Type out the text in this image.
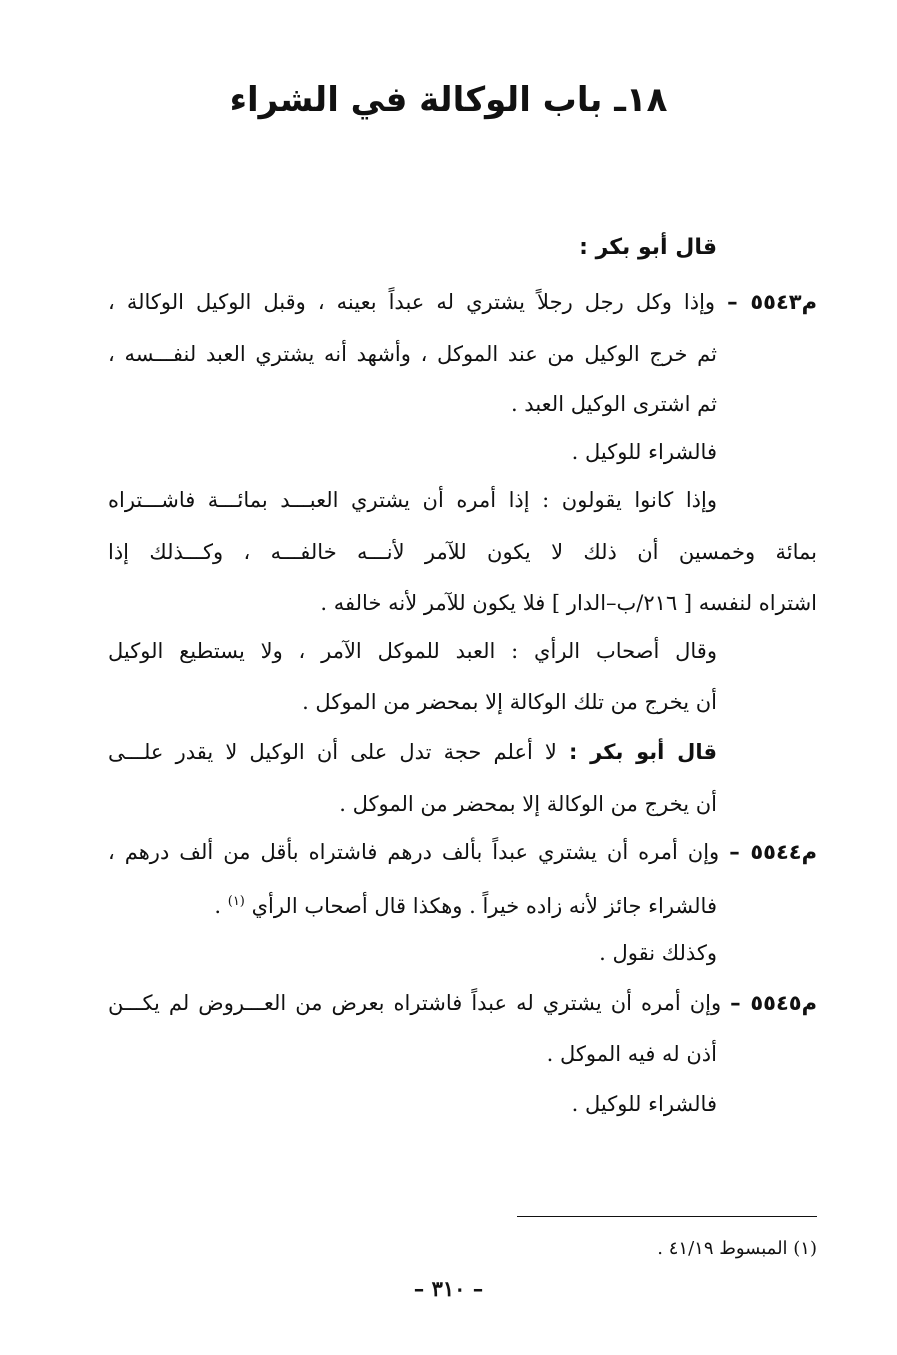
١٨ـ باب الوكالة في الشراء
قال أبو بكر :
م٥٥٤٣ – وإذا وكل رجل رجلاً يشتري له عبداً بعينه ، وقبل الوكيل الوكالة ،
ثم خرج الوكيل من عند الموكل ، وأشهد أنه يشتري العبد لنفـــسه ،
ثم اشترى الوكيل العبد .
فالشراء للوكيل .
وإذا كانوا يقولون : إذا أمره أن يشتري العبـــد بمائـــة فاشـــتراه
بمائة وخمسين أن ذلك لا يكون للآمر لأنـــه خالفـــه ، وكـــذلك إذا
اشتراه لنفسه [ ٢١٦/ب–الدار ] فلا يكون للآمر لأنه خالفه .
وقال أصحاب الرأي : العبد للموكل الآمر ، ولا يستطيع الوكيل
أن يخرج من تلك الوكالة إلا بمحضر من الموكل .
قال أبو بكر : لا أعلم حجة تدل على أن الوكيل لا يقدر علـــى
أن يخرج من الوكالة إلا بمحضر من الموكل .
م٥٥٤٤ – وإن أمره أن يشتري عبداً بألف درهم فاشتراه بأقل من ألف درهم ،
فالشراء جائز لأنه زاده خيراً . وهكذا قال أصحاب الرأي $^{(١)}$ .
وكذلك نقول .
م٥٥٤٥ – وإن أمره أن يشتري له عبداً فاشتراه بعرض من العـــروض لم يكـــن
أذن له فيه الموكل .
فالشراء للوكيل .
(١) المبسوط ٤١/١٩ .
– ٣١٠ –
